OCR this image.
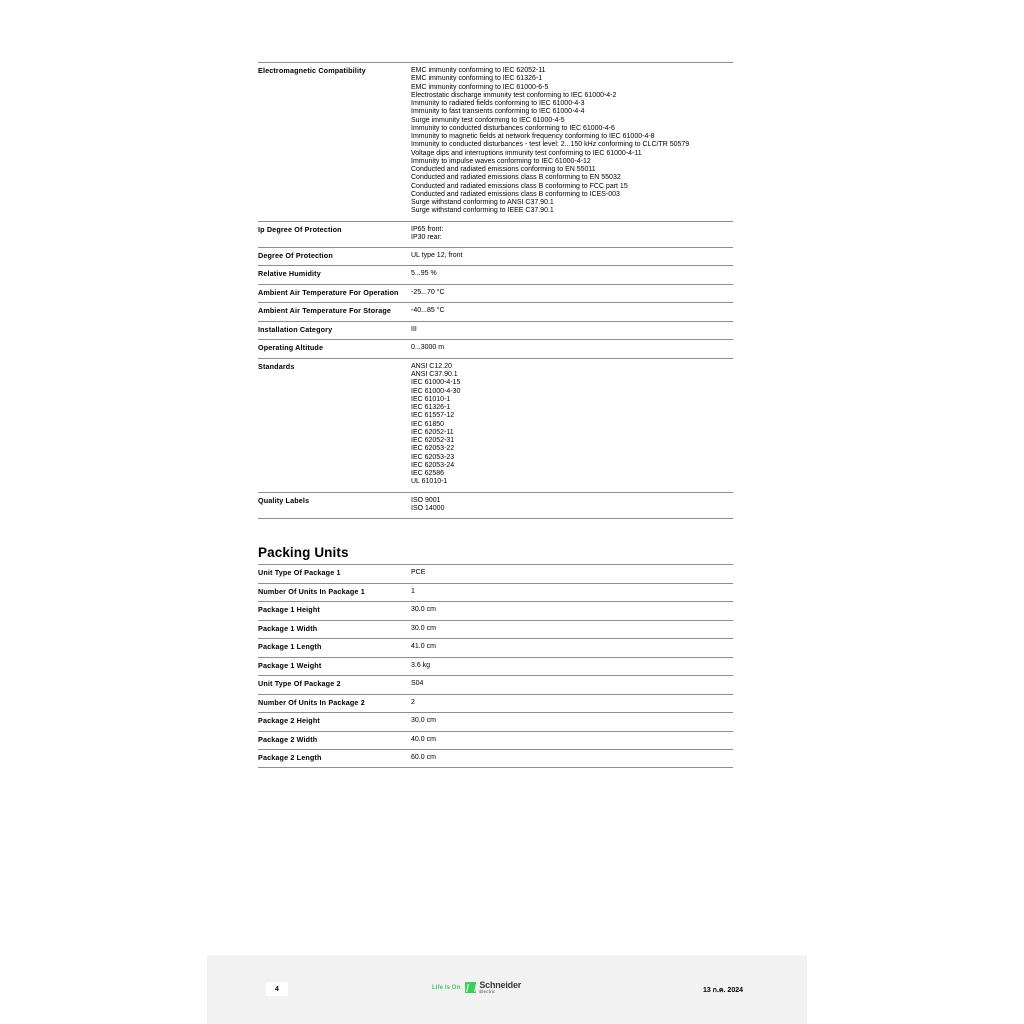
Electromagnetic Compatibility	EMC immunity conforming to IEC 62052-11
EMC immunity conforming to IEC 61326-1
EMC immunity conforming to IEC 61000-6-5
Electrostatic discharge immunity test conforming to IEC 61000-4-2
Immunity to radiated fields conforming to IEC 61000-4-3
Immunity to fast transients conforming to IEC 61000-4-4
Surge immunity test conforming to IEC 61000-4-5
Immunity to conducted disturbances conforming to IEC 61000-4-6
Immunity to magnetic fields at network frequency conforming to IEC 61000-4-8
Immunity to conducted disturbances - test level: 2...150 kHz conforming to CLC/TR 50579
Voltage dips and interruptions immunity test conforming to IEC 61000-4-11
Immunity to impulse waves conforming to IEC 61000-4-12
Conducted and radiated emissions conforming to EN 55011
Conducted and radiated emissions class B conforming to EN 55032
Conducted and radiated emissions class B conforming to FCC part 15
Conducted and radiated emissions class B conforming to ICES-003
Surge withstand conforming to ANSI C37.90.1
Surge withstand conforming to IEEE C37.90.1

Ip Degree Of Protection	IP65 front:
IP30 rear:

Degree Of Protection	UL type 12, front

Relative Humidity	5...95 %

Ambient Air Temperature For Operation	-25...70 °C

Ambient Air Temperature For Storage	-40...85 °C

Installation Category	III

Operating Altitude	0...3000 m

Standards	ANSI C12.20
ANSI C37.90.1
IEC 61000-4-15
IEC 61000-4-30
IEC 61010-1
IEC 61326-1
IEC 61557-12
IEC 61850
IEC 62052-11
IEC 62052-31
IEC 62053-22
IEC 62053-23
IEC 62053-24
IEC 62586
UL 61010-1

Quality Labels	ISO 9001
ISO 14000
Packing Units
Unit Type Of Package 1	PCE

Number Of Units In Package 1	1

Package 1 Height	30.0 cm

Package 1 Width	30.0 cm

Package 1 Length	41.0 cm

Package 1 Weight	3.6 kg

Unit Type Of Package 2	S04

Number Of Units In Package 2	2

Package 2 Height	30.0 cm

Package 2 Width	40.0 cm

Package 2 Length	60.0 cm
4	Life Is On Schneider
Electric	13 ก.ค. 2024
